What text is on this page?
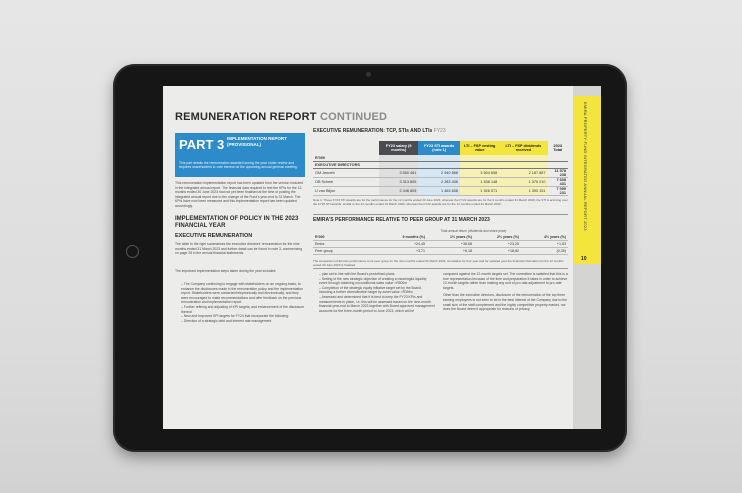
REMUNERATION REPORT CONTINUED
PART 3 IMPLEMENTATION REPORT (PROVISIONAL)
This part details the remuneration awarded during the year under review and requires shareholders to vote thereon at the upcoming annual general meeting.
This remuneration implementation report has been updated from the version included in the integrated annual report. The financial data required to test the KPIs for the 12-months ended 30 June 2023 had not yet been finalised at the time of posting the integrated annual report due to the change of the Fund's year-end to 31 March. The KPIs have now been measured and this implementation report has been updated accordingly.
IMPLEMENTATION OF POLICY IN THE 2023 FINANCIAL YEAR
EXECUTIVE REMUNERATION
The table to the right summarises the executive directors' remuneration for the nine months ended 31 March 2023 and further detail can be found in note 3, commencing on page 28 in the annual financial statements.
The important implementation steps taken during the year included:
– The Company continuing to engage with stakeholders on an ongoing basis, to enhance the disclosures made in the remuneration policy and the implementation report. Stakeholders were contacted telephonically and electronically, and they were encouraged to make recommendations and offer feedback on the previous remuneration and implementation report.
– Further refining and adjusting of KPI targets, and enhancement of the disclosure thereof.
– New and improved KPI targets for FY24 that incorporate the following:
– Direction of a strategic debt and interest rate management
– plan set in line with the Board's predefined plans
– Setting of the new strategic objective of creating a meaningful liquidity event through obtaining unconditional sales value >R500m
– Completion of the strategic equity initiative target set by the Board, including a further diversification target by asset value >R35bn
– Assessed and determined that it is best to keep the FY23 KPIs and measurements in place, i.e. this will be assessed based on the nine-month financial year-end to March 2023 together with Board-approved management accounts for the three-month period to June 2023, which will be
compared against the 12-month targets set. The committee is satisfied that this is a true representation because of the time and preparation it takes in order to achieve 12-month targets rather than making any sort of pro-rata adjustment to pro-rate targets.
Other than the executive directors, disclosure of the remuneration of the top three earning employees is not seen to be in the best interest of the Company due to the small size of the staff complement and the highly competitive property market, nor does the Board deem it appropriate for reasons of privacy.
EXECUTIVE REMUNERATION: TCP, STIs AND LTIs FY23
	FY23 salary (9 months)	FY23 STI awards (note 1)	LTI – FSP vesting value	LTI – FSP dividends received	2023 Total
R'000					
EXECUTIVE DIRECTORS					
GM Jennett	3 550 461	2 940 868	3 504 658	2 187 887	11 578 238
OB Scheel	3 313 805	2 283 408	1 638 148	1 376 210	7 608 431
U van Biljon	2 446 805	1 463 608	1 926 571	1 390 151	7 099 231
Note 1: These FY23 STI awards are for the performance for the 12 months ended 30 June 2023, whereas the FY22 awards are for the 9 months ended 31 March 2023; the STI is accruing over the FY23 STI awards, similar to the 12 months ended 31 March 2023, whereas the FY22 awards are for the 12 months ended 31 March 2023.
EMIRA'S PERFORMANCE RELATIVE TO PEER GROUP AT 31 MARCH 2023
	Total annual return (dividends and share price)			
R'000	9 months (%)	1½ years (%)	2½ years (%)	4½ years (%)
Emira	+24,45	+38,68	+23,25	+1,53
Peer group	+3,71	+6,18	+18,82	(0,35)
The comparison of Emira's performance to its peer group for the nine months ended 31 March 2023, cumulative for four year and for updated year the financial information for the 12 months ended 30 June 2023 is finalised.
EMIRA PROPERTY FUND INTEGRATED ANNUAL REPORT 2023
10
